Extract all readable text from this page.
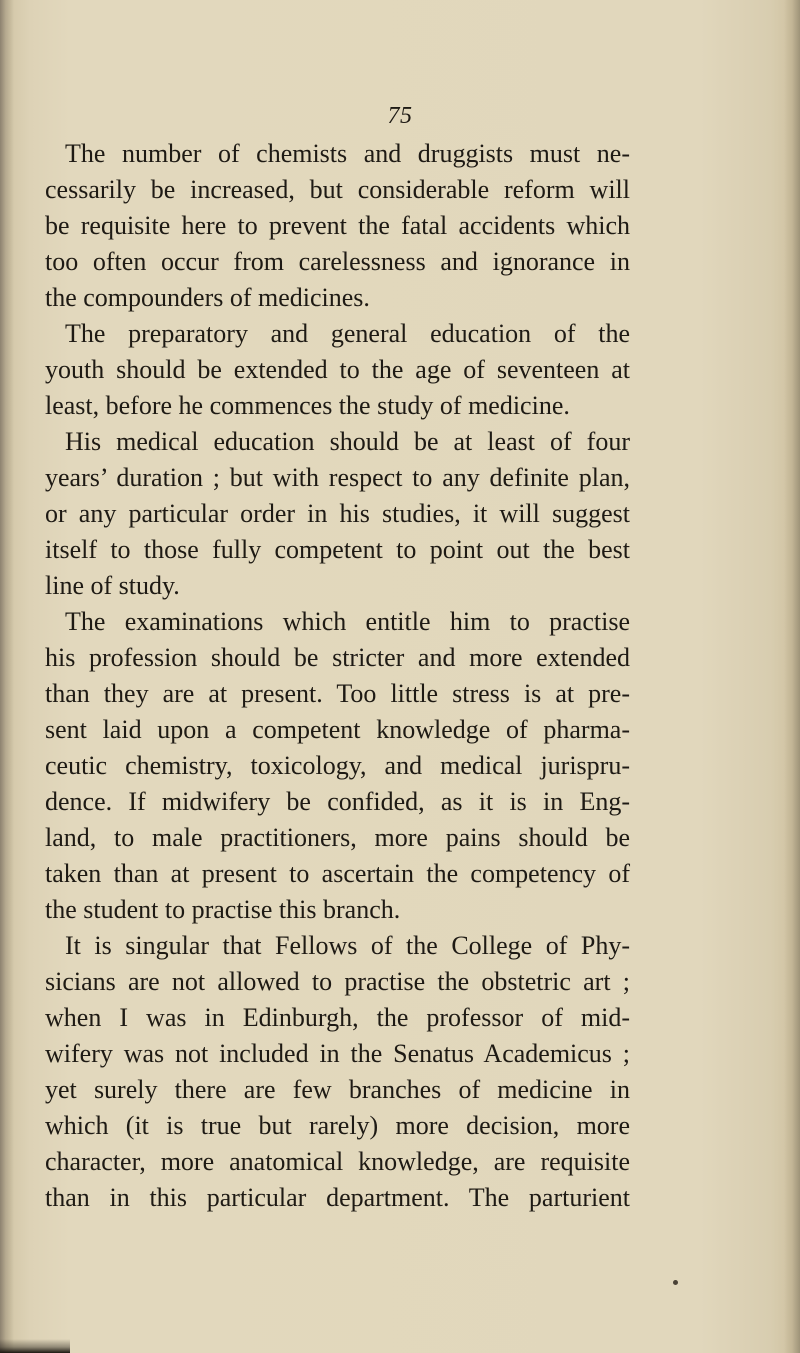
75
The number of chemists and druggists must ne-
cessarily be increased, but considerable reform will
be requisite here to prevent the fatal accidents which
too often occur from carelessness and ignorance in
the compounders of medicines.
The preparatory and general education of the
youth should be extended to the age of seventeen at
least, before he commences the study of medicine.
His medical education should be at least of four
years’ duration ; but with respect to any definite plan,
or any particular order in his studies, it will suggest
itself to those fully competent to point out the best
line of study.
The examinations which entitle him to practise
his profession should be stricter and more extended
than they are at present. Too little stress is at pre-
sent laid upon a competent knowledge of pharma-
ceutic chemistry, toxicology, and medical jurispru-
dence. If midwifery be confided, as it is in Eng-
land, to male practitioners, more pains should be
taken than at present to ascertain the competency of
the student to practise this branch.
It is singular that Fellows of the College of Phy-
sicians are not allowed to practise the obstetric art ;
when I was in Edinburgh, the professor of mid-
wifery was not included in the Senatus Academicus ;
yet surely there are few branches of medicine in
which (it is true but rarely) more decision, more
character, more anatomical knowledge, are requisite
than in this particular department. The parturient
